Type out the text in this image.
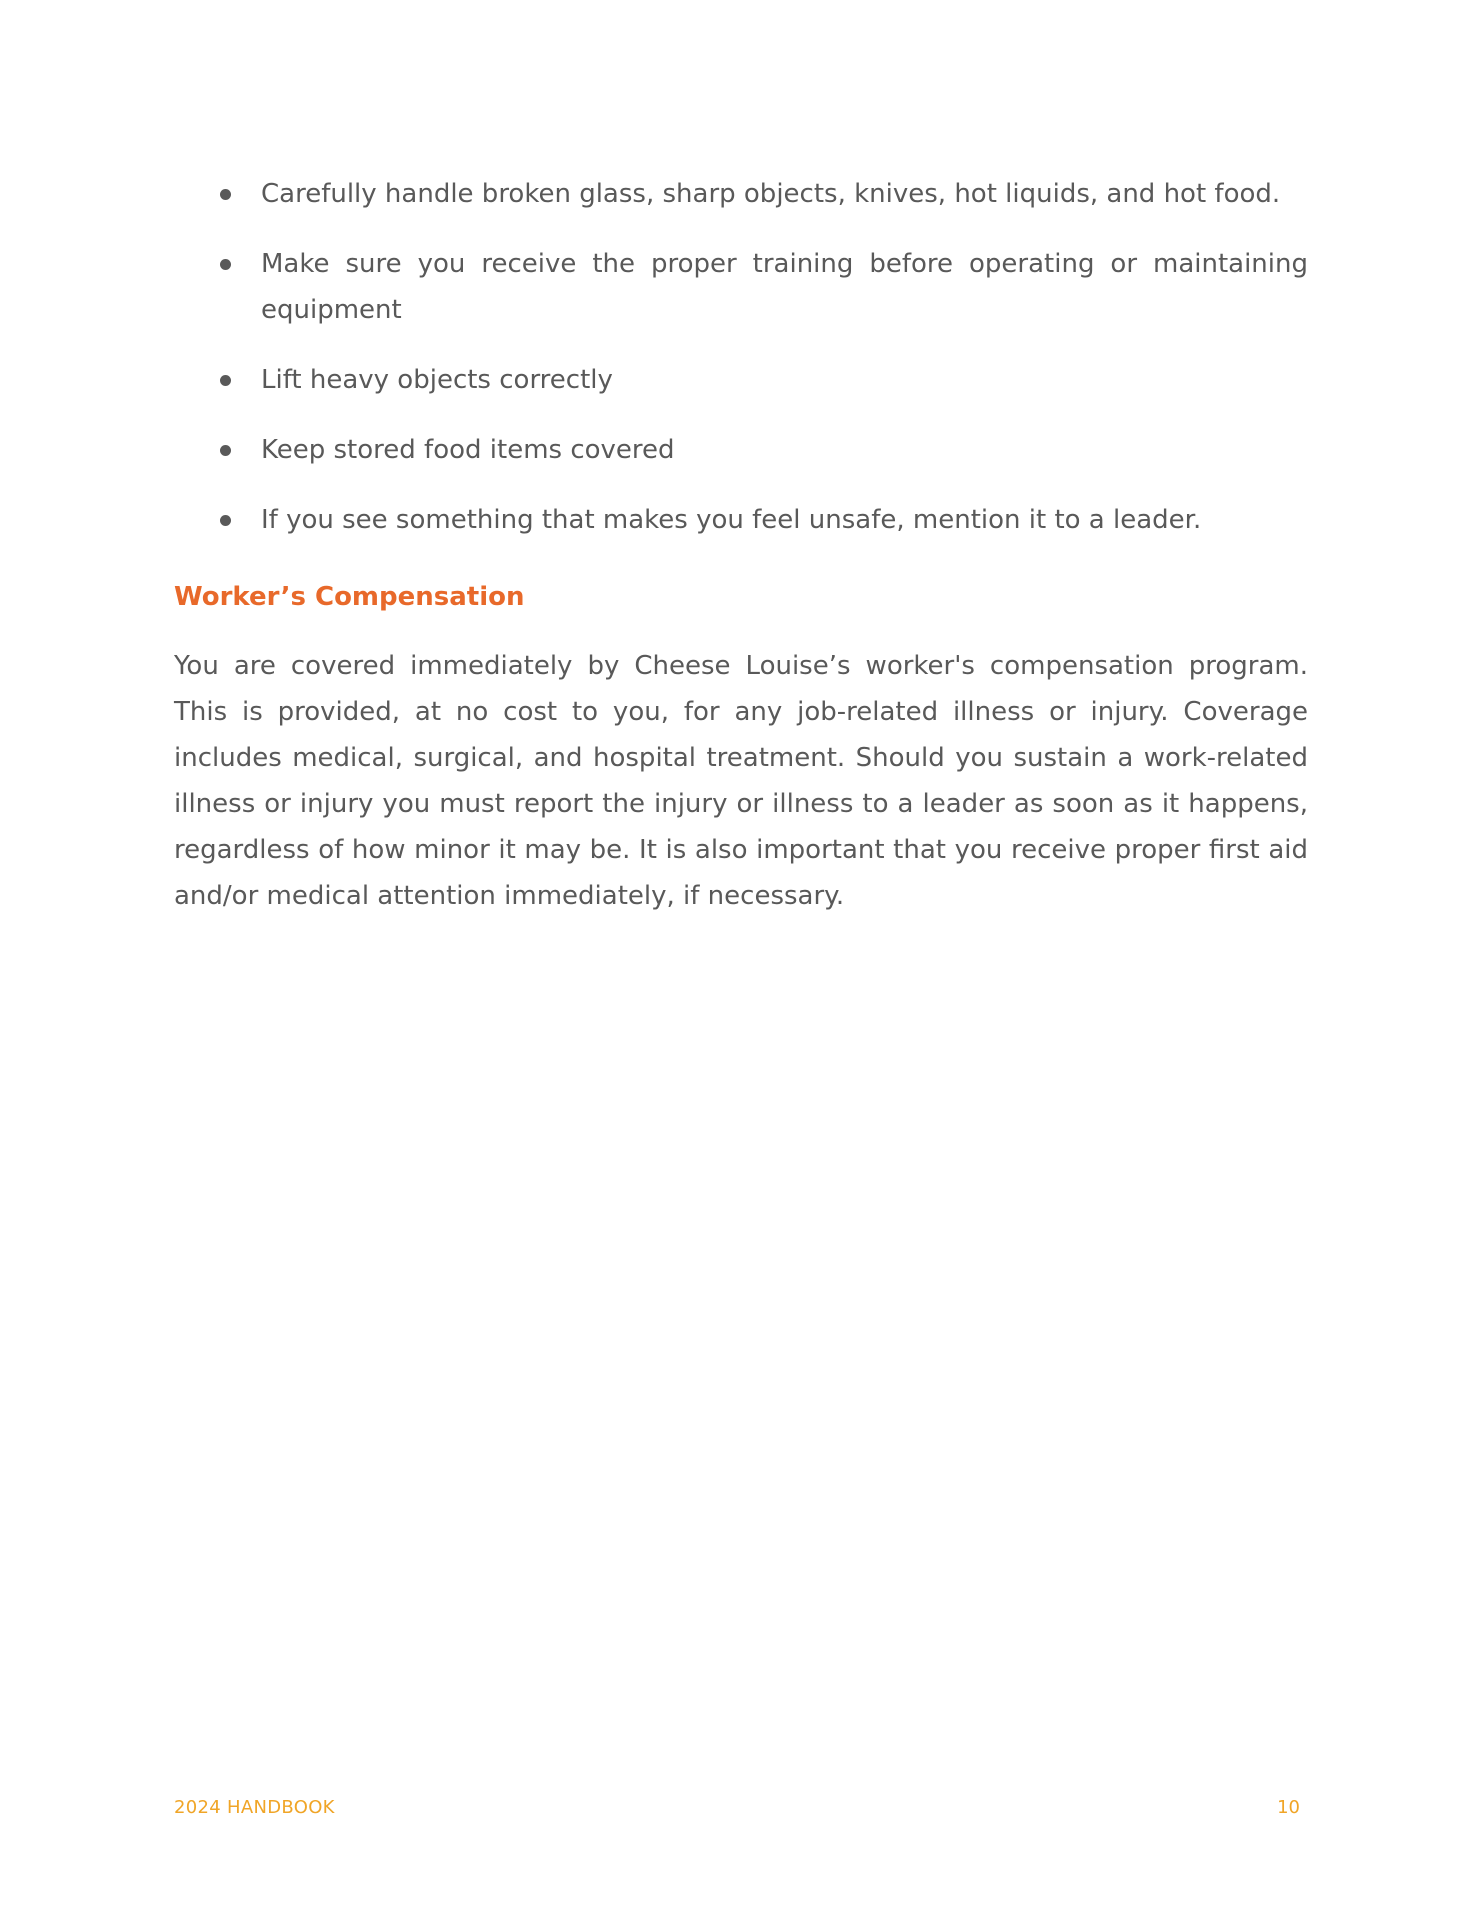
Carefully handle broken glass, sharp objects, knives, hot liquids, and hot food.
Make sure you receive the proper training before operating or maintaining equipment
Lift heavy objects correctly
Keep stored food items covered
If you see something that makes you feel unsafe, mention it to a leader.
Worker’s Compensation

You are covered immediately by Cheese Louise’s worker's compensation program. This is provided, at no cost to you, for any job-related illness or injury. Coverage includes medical, surgical, and hospital treatment. Should you sustain a work-related illness or injury you must report the injury or illness to a leader as soon as it happens, regardless of how minor it may be. It is also important that you receive proper first aid and/or medical attention immediately, if necessary.

2024 HANDBOOK	10
